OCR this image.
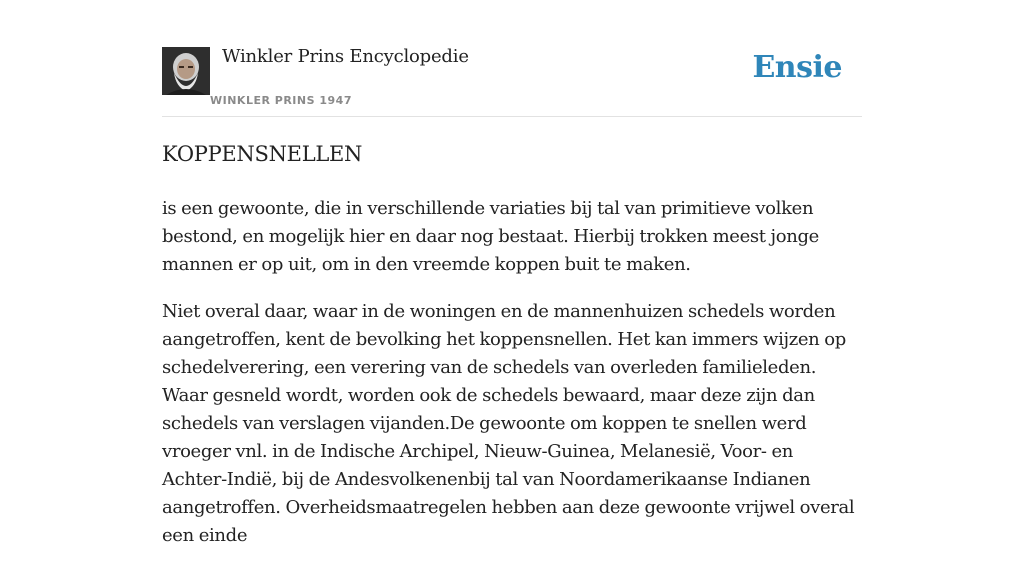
Winkler Prins Encyclopedie
WINKLER PRINS 1947
Ensie
KOPPENSNELLEN

is een gewoonte, die in verschillende variaties bij tal van primitieve volken bestond, en mogelijk hier en daar nog bestaat. Hierbij trokken meest jonge mannen er op uit, om in den vreemde koppen buit te maken.

Niet overal daar, waar in de woningen en de mannenhuizen schedels worden aangetroffen, kent de bevolking het koppensnellen. Het kan immers wijzen op schedelverering, een verering van de schedels van overleden familieleden. Waar gesneld wordt, worden ook de schedels bewaard, maar deze zijn dan schedels van verslagen vijanden.De gewoonte om koppen te snellen werd vroeger vnl. in de Indische Archipel, Nieuw-Guinea, Melanesië, Voor- en Achter-Indië, bij de Andesvolkenenbij tal van Noordamerikaanse Indianen aangetroffen. Overheidsmaatregelen hebben aan deze gewoonte vrijwel overal een einde
